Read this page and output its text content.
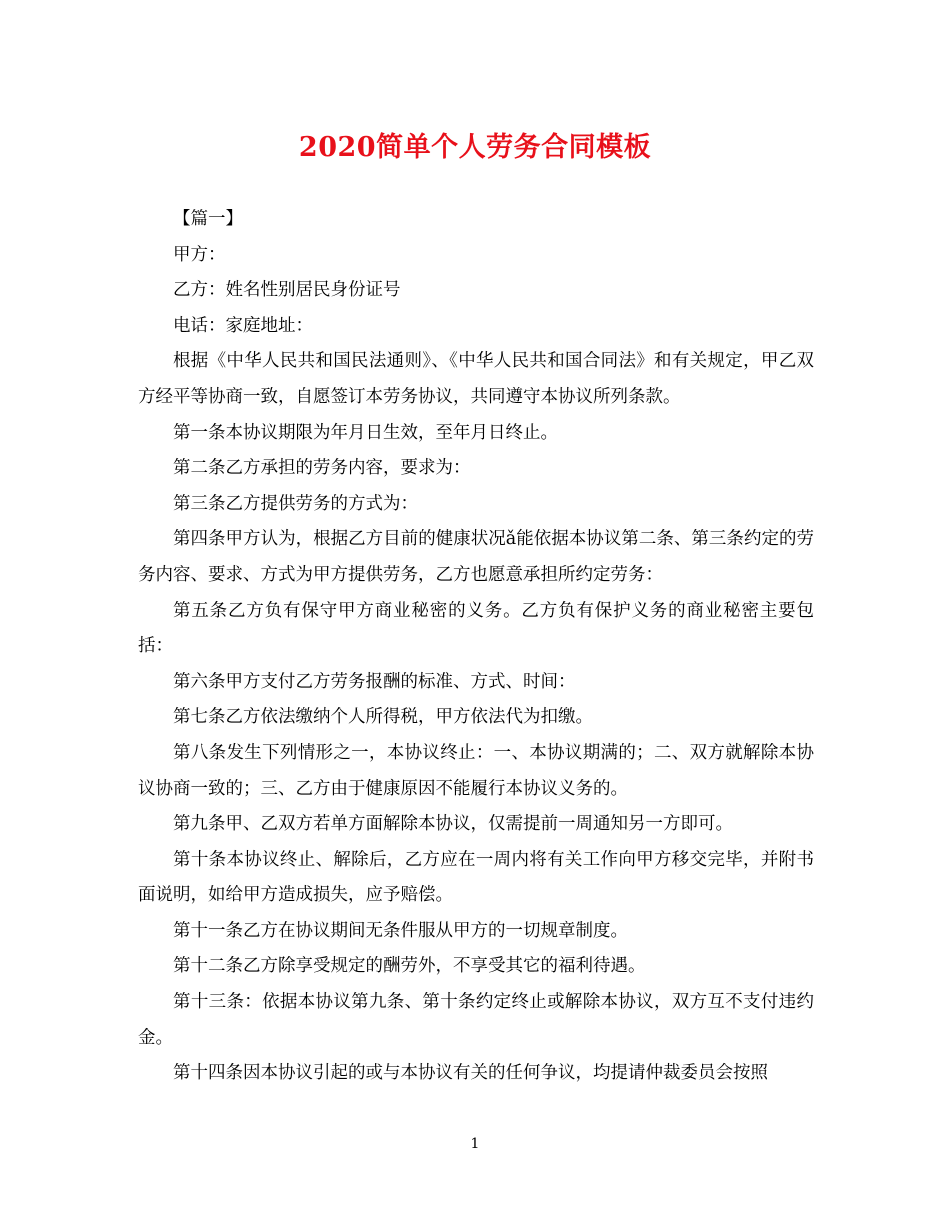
2020简单个人劳务合同模板

【篇一】

甲方：

乙方：姓名性别居民身份证号

电话：家庭地址：

根据《中华人民共和国民法通则》、《中华人民共和国合同法》和有关规定，甲乙双方经平等协商一致，自愿签订本劳务协议，共同遵守本协议所列条款。

第一条本协议期限为年月日生效，至年月日终止。

第二条乙方承担的劳务内容，要求为：

第三条乙方提供劳务的方式为：

第四条甲方认为，根据乙方目前的健康状况ǎ能依据本协议第二条、第三条约定的劳务内容、要求、方式为甲方提供劳务，乙方也愿意承担所约定劳务：

第五条乙方负有保守甲方商业秘密的义务。乙方负有保护义务的商业秘密主要包括：

第六条甲方支付乙方劳务报酬的标准、方式、时间：

第七条乙方依法缴纳个人所得税，甲方依法代为扣缴。

第八条发生下列情形之一，本协议终止：一、本协议期满的；二、双方就解除本协议协商一致的；三、乙方由于健康原因不能履行本协议义务的。

第九条甲、乙双方若单方面解除本协议，仅需提前一周通知另一方即可。

第十条本协议终止、解除后，乙方应在一周内将有关工作向甲方移交完毕，并附书面说明，如给甲方造成损失，应予赔偿。

第十一条乙方在协议期间无条件服从甲方的一切规章制度。

第十二条乙方除享受规定的酬劳外，不享受其它的福利待遇。

第十三条：依据本协议第九条、第十条约定终止或解除本协议，双方互不支付违约金。

第十四条因本协议引起的或与本协议有关的任何争议，均提请仲裁委员会按照

1
